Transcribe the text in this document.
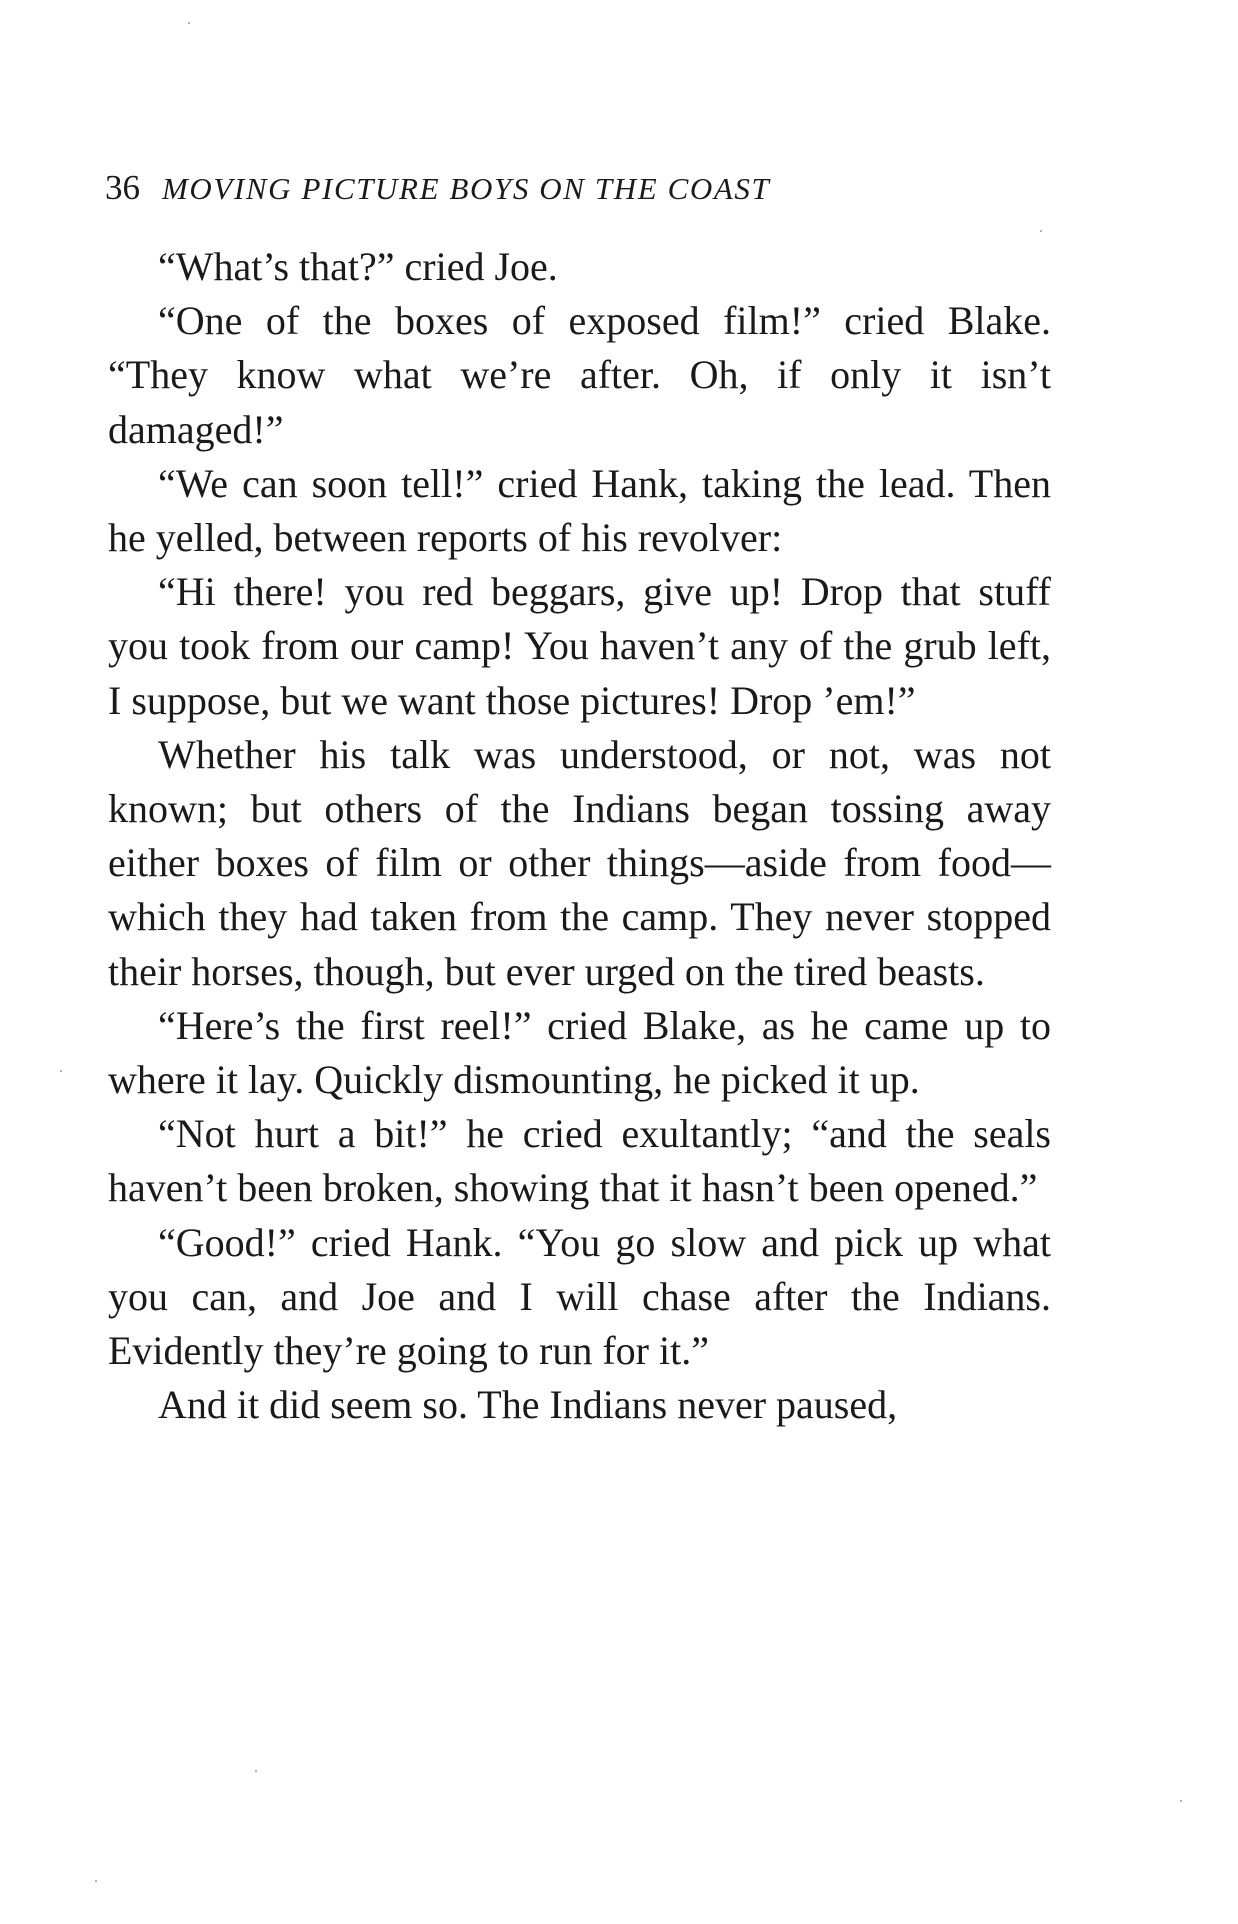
36 MOVING PICTURE BOYS ON THE COAST

“What’s that?” cried Joe.

“One of the boxes of exposed film!” cried Blake. “They know what we’re after. Oh, if only it isn’t damaged!”

“We can soon tell!” cried Hank, taking the lead. Then he yelled, between reports of his revolver:

“Hi there! you red beggars, give up! Drop that stuff you took from our camp! You haven’t any of the grub left, I suppose, but we want those pictures! Drop ’em!”

Whether his talk was understood, or not, was not known; but others of the Indians began tossing away either boxes of film or other things—aside from food—which they had taken from the camp. They never stopped their horses, though, but ever urged on the tired beasts.

“Here’s the first reel!” cried Blake, as he came up to where it lay. Quickly dismounting, he picked it up.

“Not hurt a bit!” he cried exultantly; “and the seals haven’t been broken, showing that it hasn’t been opened.”

“Good!” cried Hank. “You go slow and pick up what you can, and Joe and I will chase after the Indians. Evidently they’re going to run for it.”

And it did seem so. The Indians never paused,
